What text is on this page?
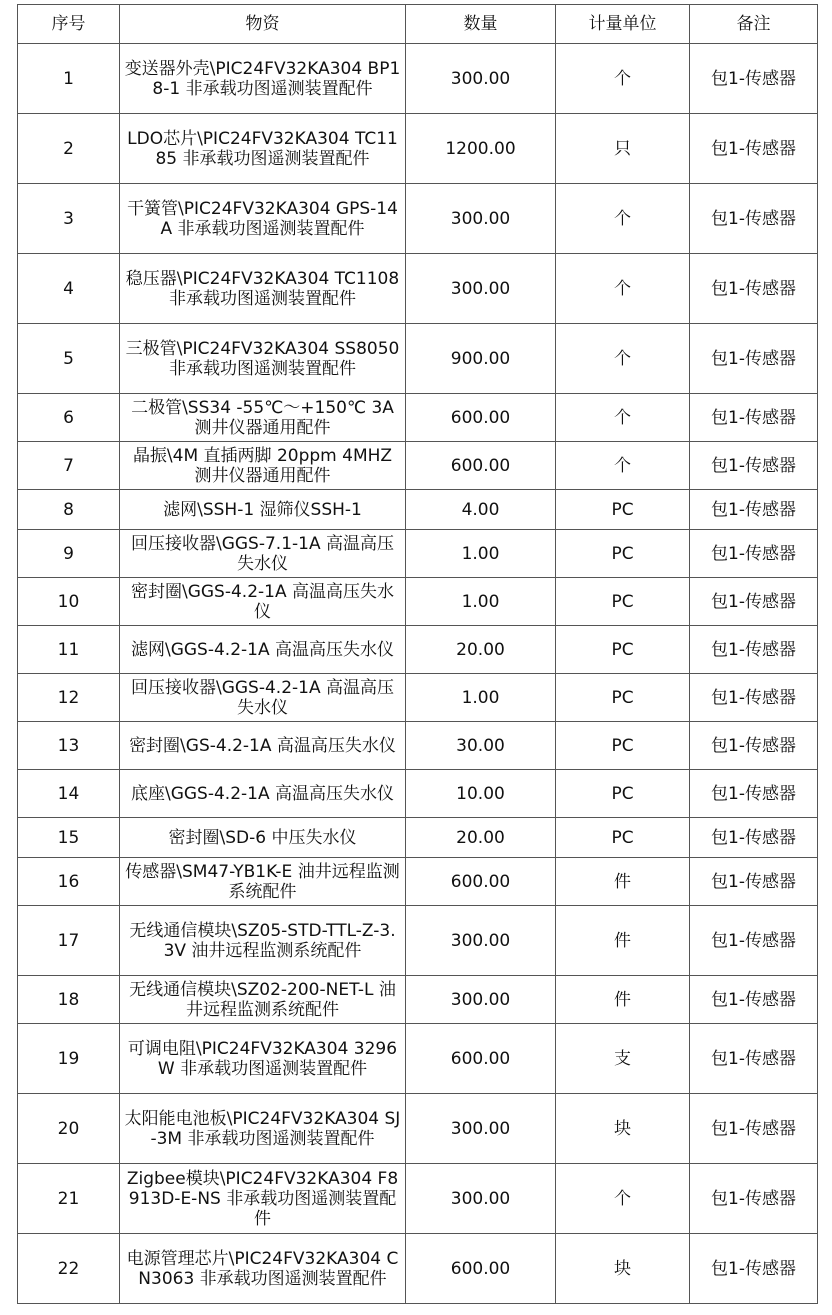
序号	物资	数量	计量单位	备注
1	变送器外壳\PIC24FV32KA304 BP18-1 非承载功图遥测装置配件	300.00	个	包1-传感器
2	LDO芯片\PIC24FV32KA304 TC1185 非承载功图遥测装置配件	1200.00	只	包1-传感器
3	干簧管\PIC24FV32KA304 GPS-14A 非承载功图遥测装置配件	300.00	个	包1-传感器
4	稳压器\PIC24FV32KA304 TC1108 非承载功图遥测装置配件	300.00	个	包1-传感器
5	三极管\PIC24FV32KA304 SS8050 非承载功图遥测装置配件	900.00	个	包1-传感器
6	二极管\SS34 -55℃～+150℃ 3A 测井仪器通用配件	600.00	个	包1-传感器
7	晶振\4M 直插两脚 20ppm 4MHZ 测井仪器通用配件	600.00	个	包1-传感器
8	滤网\SSH-1 湿筛仪SSH-1	4.00	PC	包1-传感器
9	回压接收器\GGS-7.1-1A 高温高压失水仪	1.00	PC	包1-传感器
10	密封圈\GGS-4.2-1A 高温高压失水仪	1.00	PC	包1-传感器
11	滤网\GGS-4.2-1A 高温高压失水仪	20.00	PC	包1-传感器
12	回压接收器\GGS-4.2-1A 高温高压失水仪	1.00	PC	包1-传感器
13	密封圈\GS-4.2-1A 高温高压失水仪	30.00	PC	包1-传感器
14	底座\GGS-4.2-1A 高温高压失水仪	10.00	PC	包1-传感器
15	密封圈\SD-6 中压失水仪	20.00	PC	包1-传感器
16	传感器\SM47-YB1K-E 油井远程监测系统配件	600.00	件	包1-传感器
17	无线通信模块\SZ05-STD-TTL-Z-3.3V 油井远程监测系统配件	300.00	件	包1-传感器
18	无线通信模块\SZ02-200-NET-L 油井远程监测系统配件	300.00	件	包1-传感器
19	可调电阻\PIC24FV32KA304 3296W 非承载功图遥测装置配件	600.00	支	包1-传感器
20	太阳能电池板\PIC24FV32KA304 SJ-3M 非承载功图遥测装置配件	300.00	块	包1-传感器
21	Zigbee模块\PIC24FV32KA304 F8913D-E-NS 非承载功图遥测装置配件	300.00	个	包1-传感器
22	电源管理芯片\PIC24FV32KA304 CN3063 非承载功图遥测装置配件	600.00	块	包1-传感器
